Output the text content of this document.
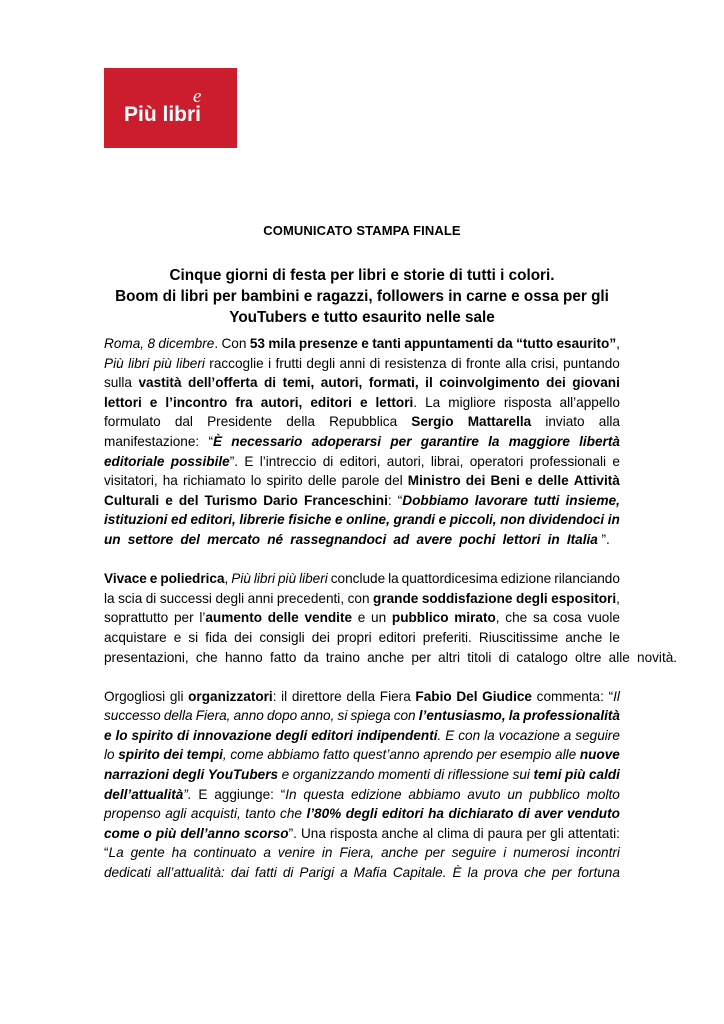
Più libri
e
COMUNICATO STAMPA FINALE
Cinque giorni di festa per libri e storie di tutti i colori.
Boom di libri per bambini e ragazzi, followers in carne e ossa per gli
YouTubers e tutto esaurito nelle sale
Roma, 8 dicembre. Con 53 mila presenze e tanti appuntamenti da “tutto esaurito”,
Più libri più liberi raccoglie i frutti degli anni di resistenza di fronte alla crisi, puntando
sulla vastità dell’offerta di temi, autori, formati, il coinvolgimento dei giovani
lettori e l’incontro fra autori, editori e lettori. La migliore risposta all’appello
formulato dal Presidente della Repubblica Sergio Mattarella inviato alla
manifestazione: “È necessario adoperarsi per garantire la maggiore libertà
editoriale possibile”. E l’intreccio di editori, autori, librai, operatori professionali e
visitatori, ha richiamato lo spirito delle parole del Ministro dei Beni e delle Attività
Culturali e del Turismo Dario Franceschini: “Dobbiamo lavorare tutti insieme,
istituzioni ed editori, librerie fisiche e online, grandi e piccoli, non dividendoci in
un settore del mercato né rassegnandoci ad avere pochi lettori in Italia ”.
Vivace e poliedrica, Più libri più liberi conclude la quattordicesima edizione rilanciando
la scia di successi degli anni precedenti, con grande soddisfazione degli espositori,
soprattutto per l’aumento delle vendite e un pubblico mirato, che sa cosa vuole
acquistare e si fida dei consigli dei propri editori preferiti. Riuscitissime anche le
presentazioni, che hanno fatto da traino anche per altri titoli di catalogo oltre alle novità.
Orgogliosi gli organizzatori: il direttore della Fiera Fabio Del Giudice commenta: “Il
successo della Fiera, anno dopo anno, si spiega con l’entusiasmo, la professionalità
e lo spirito di innovazione degli editori indipendenti. E con la vocazione a seguire
lo spirito dei tempi, come abbiamo fatto quest’anno aprendo per esempio alle nuove
narrazioni degli YouTubers e organizzando momenti di riflessione sui temi più caldi
dell’attualità”. E aggiunge: “In questa edizione abbiamo avuto un pubblico molto
propenso agli acquisti, tanto che l’80% degli editori ha dichiarato di aver venduto
come o più dell’anno scorso”. Una risposta anche al clima di paura per gli attentati:
“La gente ha continuato a venire in Fiera, anche per seguire i numerosi incontri
dedicati all’attualità: dai fatti di Parigi a Mafia Capitale. È la prova che per fortuna
